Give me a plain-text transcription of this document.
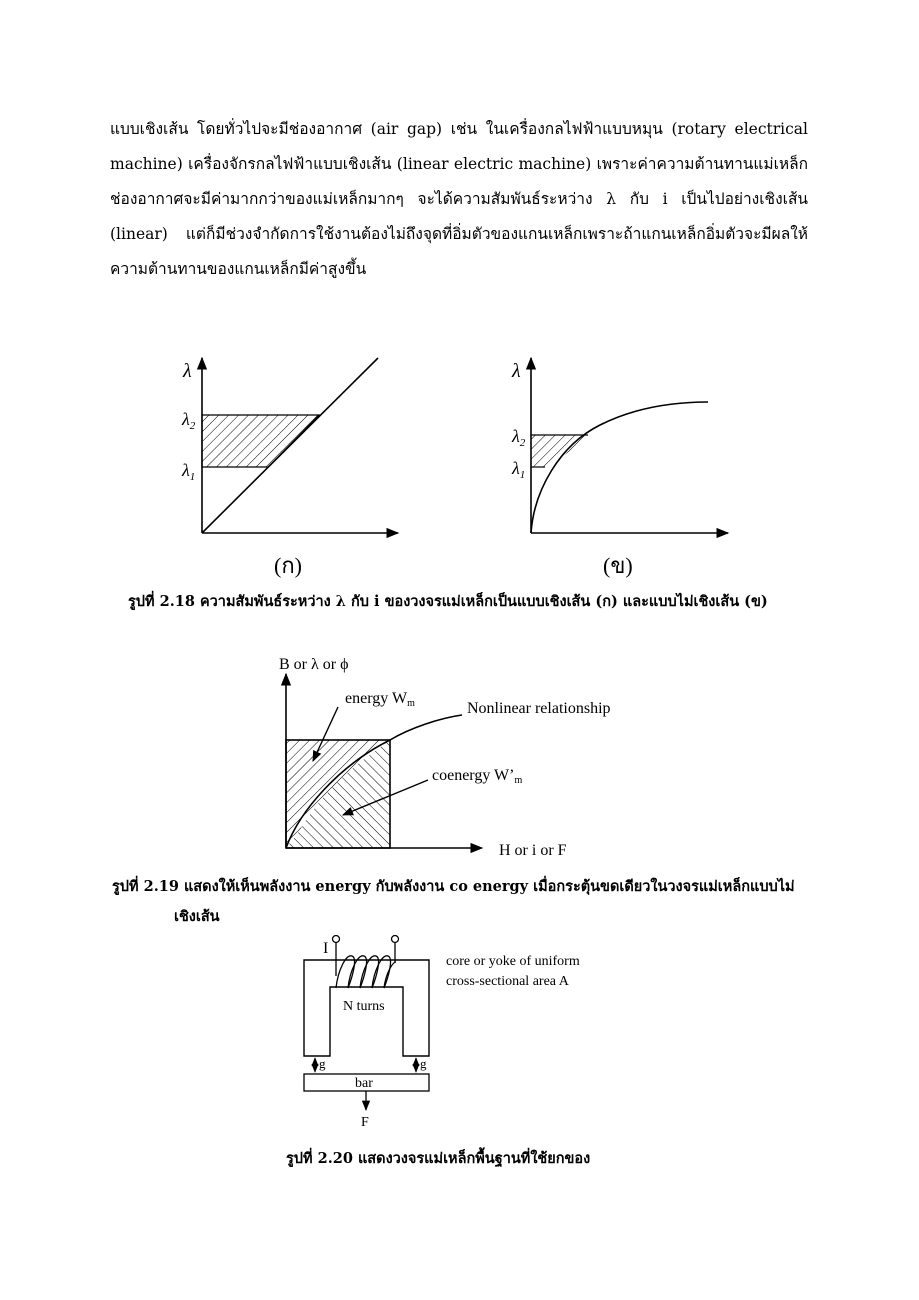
แบบเชิงเส้น โดยทั่วไปจะมีช่องอากาศ (air gap) เช่น ในเครื่องกลไฟฟ้าแบบหมุน (rotary electrical
machine) เครื่องจักรกลไฟฟ้าแบบเชิงเส้น (linear electric machine) เพราะค่าความต้านทานแม่เหล็ก
ช่องอากาศจะมีค่ามากกว่าของแม่เหล็กมากๆ จะได้ความสัมพันธ์ระหว่าง λ กับ i เป็นไปอย่างเชิงเส้น
(linear) แต่ก็มีช่วงจำกัดการใช้งานต้องไม่ถึงจุดที่อิ่มตัวของแกนเหล็กเพราะถ้าแกนเหล็กอิ่มตัวจะมีผลให้
ความต้านทานของแกนเหล็กมีค่าสูงขึ้น
λ
$\lambda_2$
$\lambda_1$
(ก)
λ
$\lambda_2$
$\lambda_1$
(ข)
รูปที่ 2.18 ความสัมพันธ์ระหว่าง λ กับ i ของวงจรแม่เหล็กเป็นแบบเชิงเส้น (ก) และแบบไม่เชิงเส้น (ข)
B or λ or ϕ
energy Wm	Nonlinear relationship
coenergy W’m
H or i or F
รูปที่ 2.19 แสดงให้เห็นพลังงาน energy กับพลังงาน co energy เมื่อกระตุ้นขดเดียวในวงจรแม่เหล็กแบบไม่
เชิงเส้น
I
N turns
core or yoke of uniform
cross-sectional area A
g	g
bar
F
รูปที่ 2.20 แสดงวงจรแม่เหล็กพื้นฐานที่ใช้ยกของ
